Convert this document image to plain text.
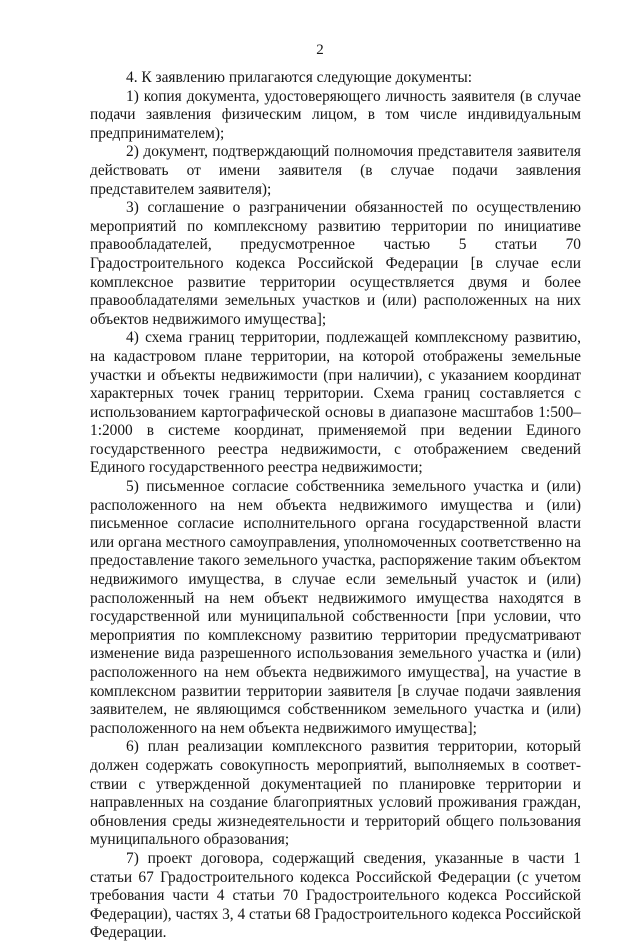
2

4. К заявлению прилагаются следующие документы:

1) копия документа, удостоверяющего личность заявителя (в случае подачи заявления физическим лицом, в том числе индивидуальным предпринимателем);

2) документ, подтверждающий полномочия представителя заявителя действовать от имени заявителя (в случае подачи заявления представителем заявителя);

3) соглашение о разграничении обязанностей по осуществлению мероприятий по комплексному развитию территории по инициативе правообладателей, предусмотренное частью 5 статьи 70 Градостроительного кодекса Российской Федерации [в случае если комплексное развитие территории осуществляется двумя и более правообладателями земельных участков и (или) расположенных на них объектов недвижимого имущества];

4) схема границ территории, подлежащей комплексному развитию, на кадастровом плане территории, на которой отображены земельные участки и объекты недвижимости (при наличии), с указанием координат характерных точек границ территории. Схема границ составляется с использованием картографической основы в диапазоне масштабов 1:500–1:2000 в системе координат, применяемой при ведении Единого государственного реестра недвижимости, с отображением сведений Единого государственного реестра недвижимости;

5) письменное согласие собственника земельного участка и (или) расположенного на нем объекта недвижимого имущества и (или) письменное согласие исполнительного органа государственной власти или органа местного самоуправления, уполномоченных соответственно на предоставление такого земельного участка, распоряжение таким объектом недвижимого имущества, в случае если земельный участок и (или) расположенный на нем объект недвижимого имущества находятся в государственной или муниципальной собственности [при условии, что мероприятия по комплексному развитию территории предусматривают изменение вида разрешенного использования земельного участка и (или) расположенного на нем объекта недвижимого имущества], на участие в комплексном развитии территории заявителя [в случае подачи заявления заявителем, не являющимся собственником земельного участка и (или) расположенного на нем объекта недвижимого имущества];

6) план реализации комплексного развития территории, который должен содержать совокупность мероприятий, выполняемых в соответ-ствии с утвержденной документацией по планировке территории и направленных на создание благоприятных условий проживания граждан, обновления среды жизнедеятельности и территорий общего пользования муниципального образования;

7) проект договора, содержащий сведения, указанные в части 1 статьи 67 Градостроительного кодекса Российской Федерации (с учетом требования части 4 статьи 70 Градостроительного кодекса Российской Федерации), частях 3, 4 статьи 68 Градостроительного кодекса Российской Федерации.
